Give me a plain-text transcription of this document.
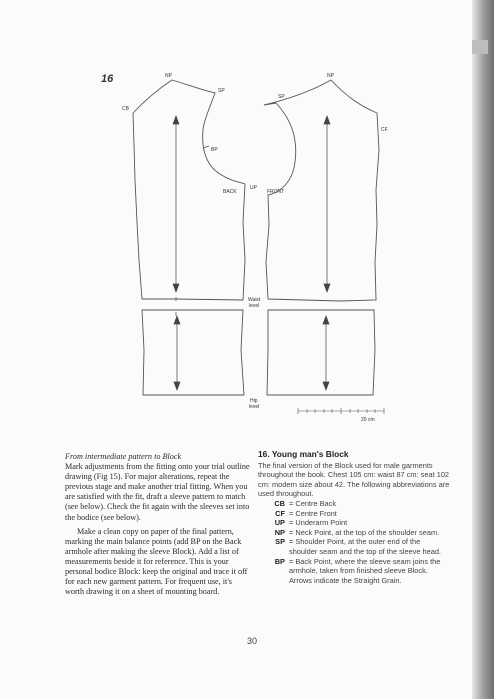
16	NP	NP
SP
SP
CB
CF
BP
BACK
UP
FRONT
Waist
level
Hip
level
20 cm

From intermediate pattern to Block

Mark adjustments from the fitting onto your trial outline drawing (Fig 15). For major alterations, repeat the previous stage and make another trial fitting. When you are satisfied with the fit, draft a sleeve pattern to match (see below). Check the fit again with the sleeves set into the bodice (see below).

Make a clean copy on paper of the final pattern, marking the main balance points (add BP on the Back armhole after making the sleeve Block). Add a list of measurements beside it for reference. This is your personal bodice Block: keep the original and trace it off for each new garment pattern. For frequent use, it's worth drawing it on a sheet of mounting board.

16. Young man's Block

The final version of the Block used for male garments throughout the book. Chest 105 cm: waist 87 cm: seat 102 cm: modern size about 42. The following abbreviations are used throughout.

CB = Centre Back
CF = Centre Front
UP = Underarm Point
NP = Neck Point, at the top of the shoulder seam.
SP = Shoulder Point, at the outer end of the shoulder seam and the top of the sleeve head.
BP = Back Point, where the sleeve seam joins the armhole, taken from finished sleeve Block. Arrows indicate the Straight Grain.
30
